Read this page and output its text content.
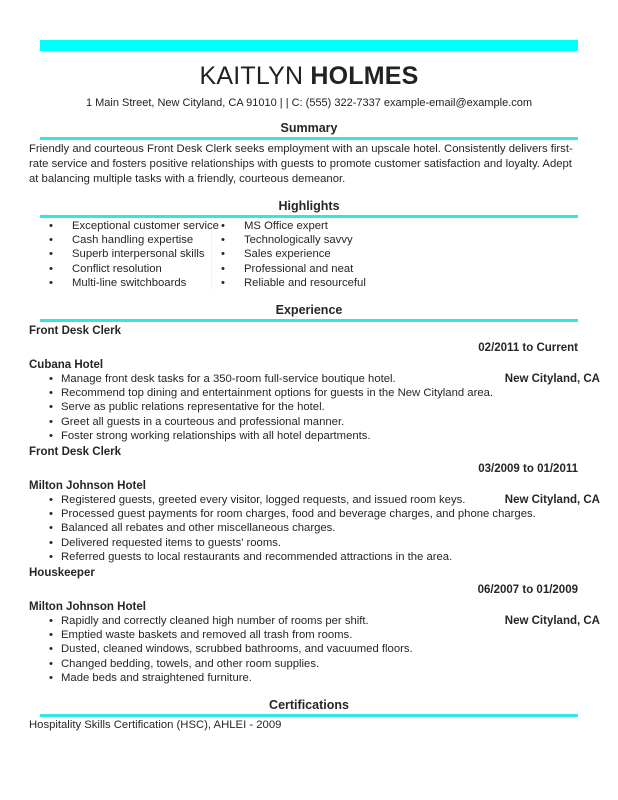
KAITLYN HOLMES
1 Main Street, New Cityland, CA 91010 | | C: (555) 322-7337 example-email@example.com
Summary
Friendly and courteous Front Desk Clerk seeks employment with an upscale hotel. Consistently delivers first-rate service and fosters positive relationships with guests to promote customer satisfaction and loyalty. Adept at balancing multiple tasks with a friendly, courteous demeanor.
Highlights
• Exceptional customer service
• Cash handling expertise
• Superb interpersonal skills
• Conflict resolution
• Multi-line switchboards
• MS Office expert
• Technologically savvy
• Sales experience
• Professional and neat
• Reliable and resourceful
Experience
Front Desk Clerk
02/2011 to Current
Cubana Hotel
• Manage front desk tasks for a 350-room full-service boutique hotel.	New Cityland, CA
• Recommend top dining and entertainment options for guests in the New Cityland area.
• Serve as public relations representative for the hotel.
• Greet all guests in a courteous and professional manner.
• Foster strong working relationships with all hotel departments.
Front Desk Clerk
03/2009 to 01/2011
Milton Johnson Hotel
• Registered guests, greeted every visitor, logged requests, and issued room keys.	New Cityland, CA
• Processed guest payments for room charges, food and beverage charges, and phone charges.
• Balanced all rebates and other miscellaneous charges.
• Delivered requested items to guests' rooms.
• Referred guests to local restaurants and recommended attractions in the area.
Houskeeper
06/2007 to 01/2009
Milton Johnson Hotel
• Rapidly and correctly cleaned high number of rooms per shift.	New Cityland, CA
• Emptied waste baskets and removed all trash from rooms.
• Dusted, cleaned windows, scrubbed bathrooms, and vacuumed floors.
• Changed bedding, towels, and other room supplies.
• Made beds and straightened furniture.
Certifications
Hospitality Skills Certification (HSC), AHLEI - 2009
